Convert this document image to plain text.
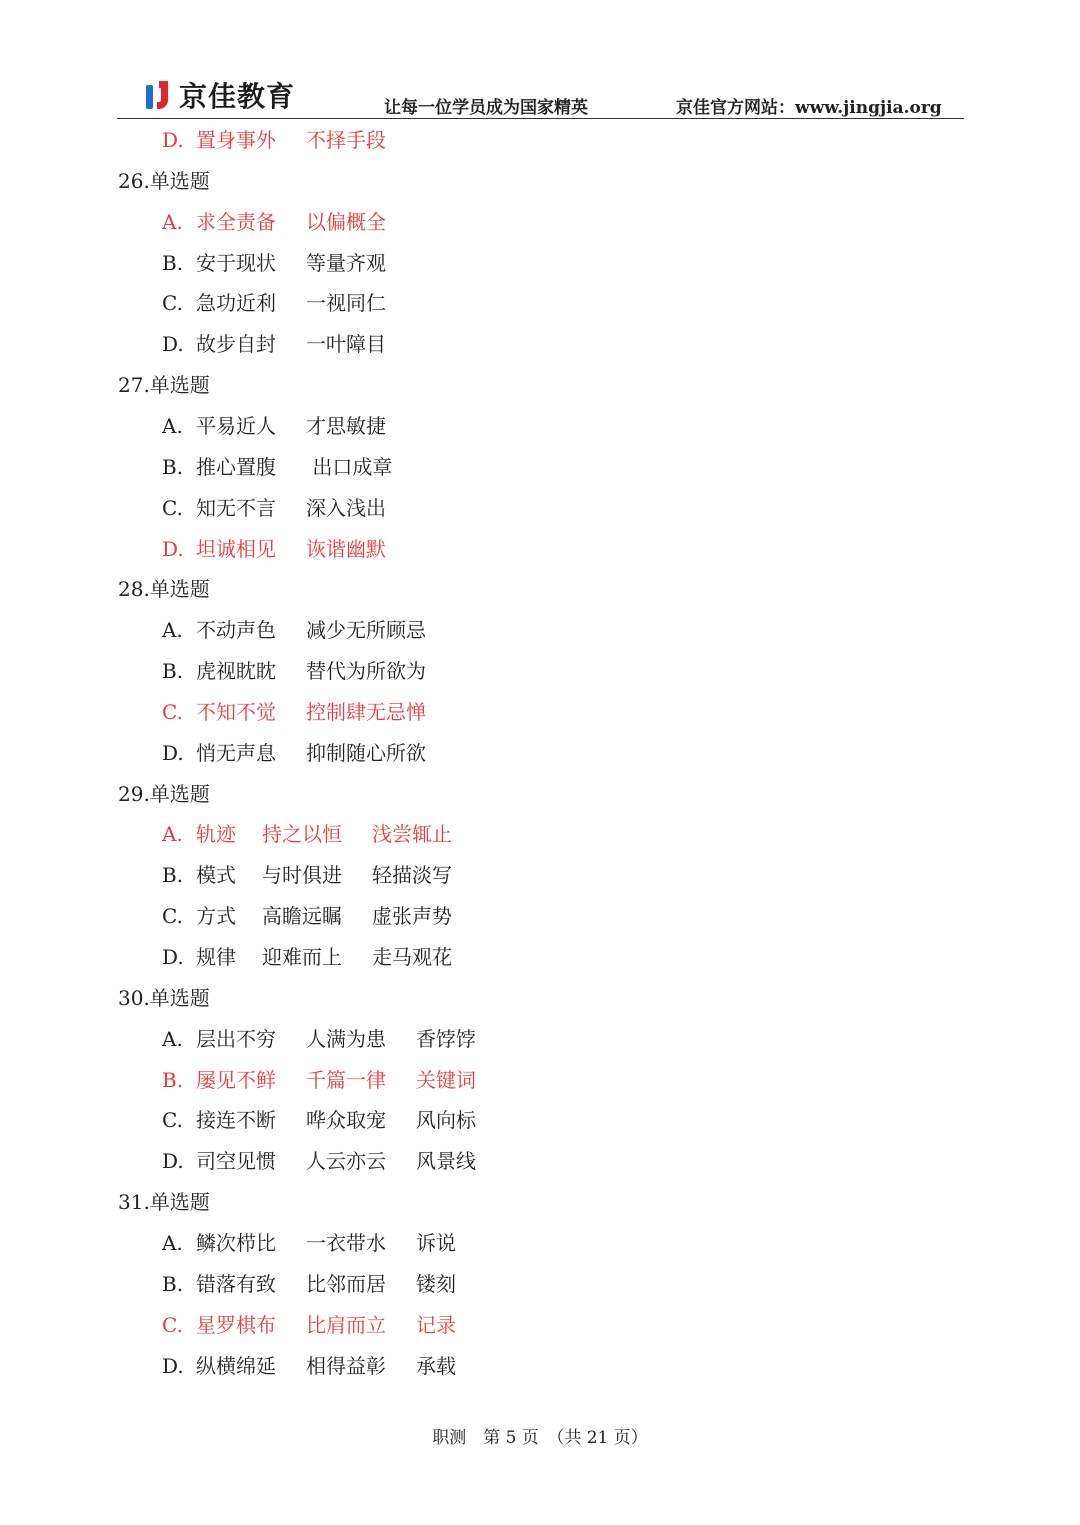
京佳教育	让每一位学员成为国家精英	京佳官方网站：www.jingjia.org
D. 置身事外 不择手段
26.单选题
A. 求全责备 以偏概全
B. 安于现状 等量齐观
C. 急功近利 一视同仁
D. 故步自封 一叶障目
27.单选题
A. 平易近人 才思敏捷
B. 推心置腹 出口成章
C. 知无不言 深入浅出
D. 坦诚相见 诙谐幽默
28.单选题
A. 不动声色 减少无所顾忌
B. 虎视眈眈 替代为所欲为
C. 不知不觉 控制肆无忌惮
D. 悄无声息 抑制随心所欲
29.单选题
A. 轨迹 持之以恒 浅尝辄止
B. 模式 与时俱进 轻描淡写
C. 方式 高瞻远瞩 虚张声势
D. 规律 迎难而上 走马观花
30.单选题
A. 层出不穷 人满为患 香饽饽
B. 屡见不鲜 千篇一律 关键词
C. 接连不断 哗众取宠 风向标
D. 司空见惯 人云亦云 风景线
31.单选题
A. 鳞次栉比 一衣带水 诉说
B. 错落有致 比邻而居 镂刻
C. 星罗棋布 比肩而立 记录
D. 纵横绵延 相得益彰 承载
职测　第 5 页　（共 21 页）
